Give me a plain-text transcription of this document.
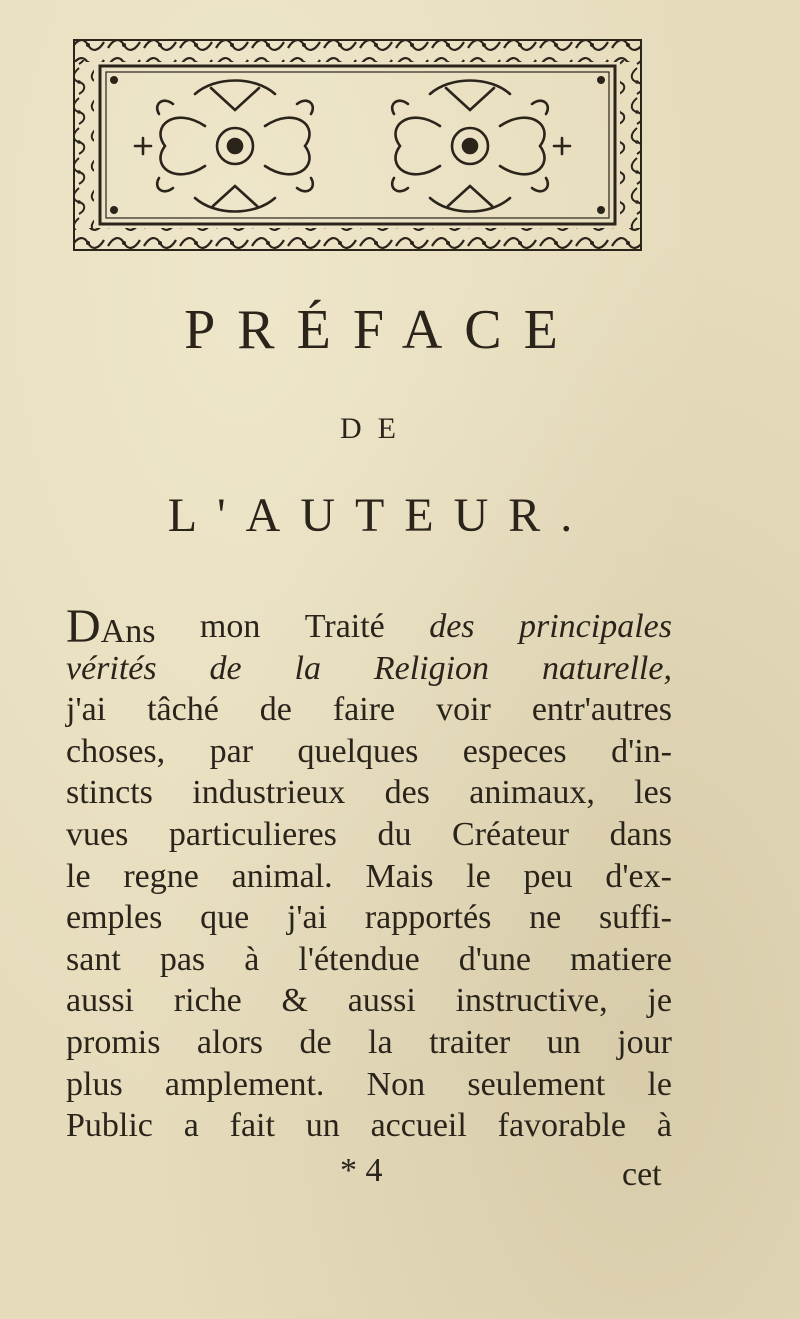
PRÉFACE
DE
L'AUTEUR.
DAns mon Traité des principales
vérités de la Religion naturelle,
j'ai tâché de faire voir entr'autres
choses, par quelques especes d'in-
stincts industrieux des animaux, les
vues particulieres du Créateur dans
le regne animal. Mais le peu d'ex-
emples que j'ai rapportés ne suffi-
sant pas à l'étendue d'une matiere
aussi riche & aussi instructive, je
promis alors de la traiter un jour
plus amplement. Non seulement le
Public a fait un accueil favorable à
* 4	cet
